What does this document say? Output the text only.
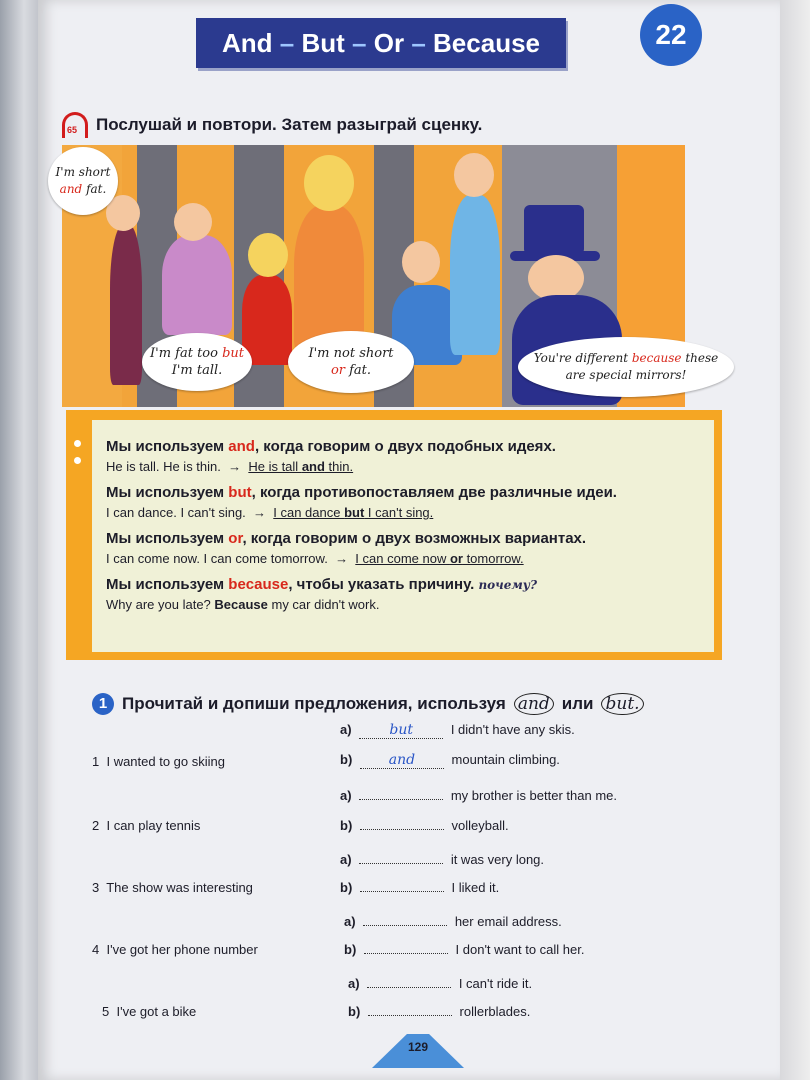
And – But – Or – Because	22
65 Послушай и повтори. Затем разыграй сценку.
I'm short
and fat.
I'm fat too but
I'm tall.
I'm not short
or fat.
You're different because these
are special mirrors!
Мы используем and, когда говорим о двух подобных идеях.
He is tall. He is thin. → He is tall and thin.
Мы используем but, когда противопоставляем две различные идеи.
I can dance. I can't sing. → I can dance but I can't sing.
Мы используем or, когда говорим о двух возможных вариантах.
I can come now. I can come tomorrow. → I can come now or tomorrow.
Мы используем because, чтобы указать причину. почему?
Why are you late? Because my car didn't work.
1 Прочитай и допиши предложения, используя and или but.
1 I wanted to go skiing
a)	but	I didn't have any skis.
b)	and	mountain climbing.
2 I can play tennis
a)	my brother is better than me.
b)	volleyball.
3 The show was interesting
a)	it was very long.
b)	I liked it.
4 I've got her phone number
a)	her email address.
b)	I don't want to call her.
5 I've got a bike
a)	I can't ride it.
b)	rollerblades.
129
